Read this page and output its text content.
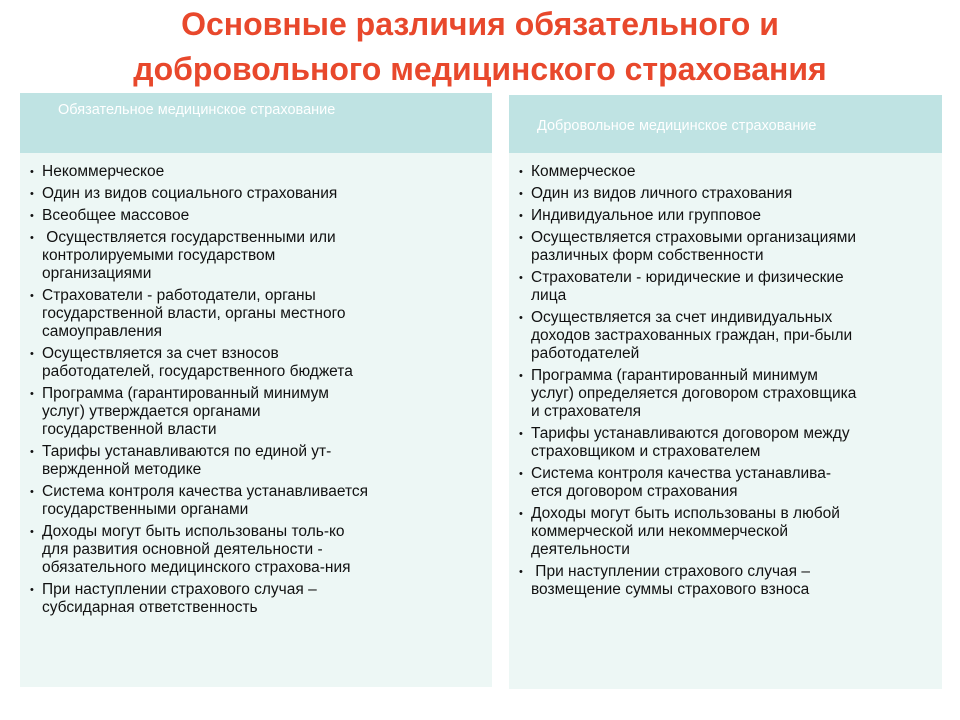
Основные различия обязательного и
добровольного медицинского страхования
Обязательное медицинское страхование
• Некоммерческое
• Один из видов социального страхования
• Всеобщее массовое
• Осуществляется государственными или
контролируемыми государством
организациями
• Страхователи - работодатели, органы
государственной власти, органы местного
самоуправления
• Осуществляется за счет взносов
работодателей, государственного бюджета
• Программа (гарантированный минимум
услуг) утверждается органами
государственной власти
• Тарифы устанавливаются по единой ут-
вержденной методике
• Система контроля качества устанавливается
государственными органами
• Доходы могут быть использованы толь-ко
для развития основной деятельности -
обязательного медицинского страхова-ния
• При наступлении страхового случая –
субсидарная ответственность
Добровольное медицинское страхование
• Коммерческое
• Один из видов личного страхования
• Индивидуальное или групповое
• Осуществляется страховыми организациями
различных форм собственности
• Страхователи - юридические и физические
лица
• Осуществляется за счет индивидуальных
доходов застрахованных граждан, при-были
работодателей
• Программа (гарантированный минимум
услуг) определяется договором страховщика
и страхователя
• Тарифы устанавливаются договором между
страховщиком и страхователем
• Система контроля качества устанавлива-
ется договором страхования
• Доходы могут быть использованы в любой
коммерческой или некоммерческой
деятельности
• При наступлении страхового случая –
возмещение суммы страхового взноса
